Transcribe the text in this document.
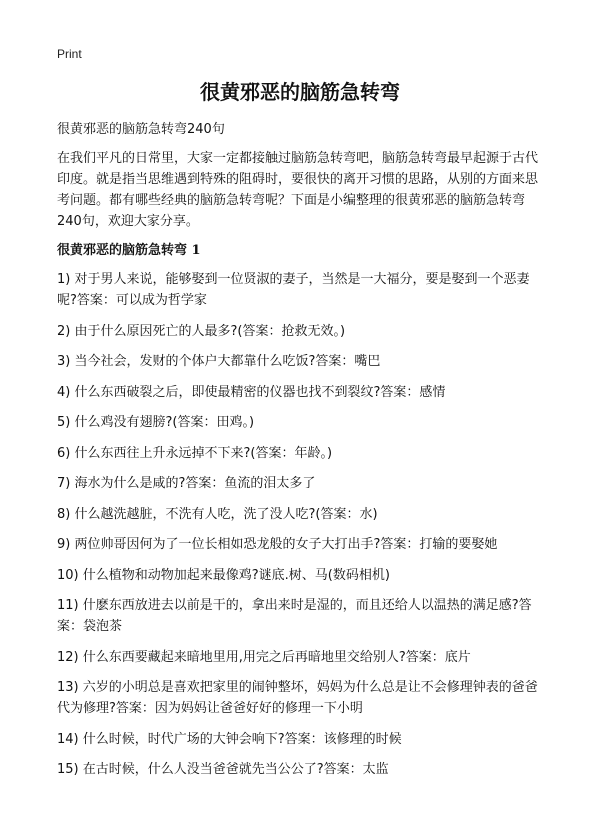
Print
很黄邪恶的脑筋急转弯

很黄邪恶的脑筋急转弯240句

在我们平凡的日常里，大家一定都接触过脑筋急转弯吧，脑筋急转弯最早起源于古代印度。就是指当思维遇到特殊的阻碍时，要很快的离开习惯的思路，从别的方面来思考问题。都有哪些经典的脑筋急转弯呢？下面是小编整理的很黄邪恶的脑筋急转弯240句，欢迎大家分享。

很黄邪恶的脑筋急转弯 1
1) 对于男人来说，能够娶到一位贤淑的妻子，当然是一大福分，要是娶到一个恶妻呢?答案：可以成为哲学家
2) 由于什么原因死亡的人最多?(答案：抢救无效。)
3) 当今社会，发财的个体户大都靠什么吃饭?答案：嘴巴
4) 什么东西破裂之后，即使最精密的仪器也找不到裂纹?答案：感情
5) 什么鸡没有翅膀?(答案：田鸡。)
6) 什么东西往上升永远掉不下来?(答案：年龄。)
7) 海水为什么是咸的?答案：鱼流的泪太多了
8) 什么越洗越脏，不洗有人吃，洗了没人吃?(答案：水)
9) 两位帅哥因何为了一位长相如恐龙般的女子大打出手?答案：打输的要娶她
10) 什么植物和动物加起来最像鸡?谜底.树、马(数码相机)
11) 什麽东西放进去以前是干的，拿出来时是湿的，而且还给人以温热的满足感?答案：袋泡茶
12) 什么东西要藏起来暗地里用,用完之后再暗地里交给别人?答案：底片
13) 六岁的小明总是喜欢把家里的闹钟整坏，妈妈为什么总是让不会修理钟表的爸爸代为修理?答案：因为妈妈让爸爸好好的修理一下小明
14) 什么时候，时代广场的大钟会响下?答案：该修理的时候
15) 在古时候，什么人没当爸爸就先当公公了?答案：太监
